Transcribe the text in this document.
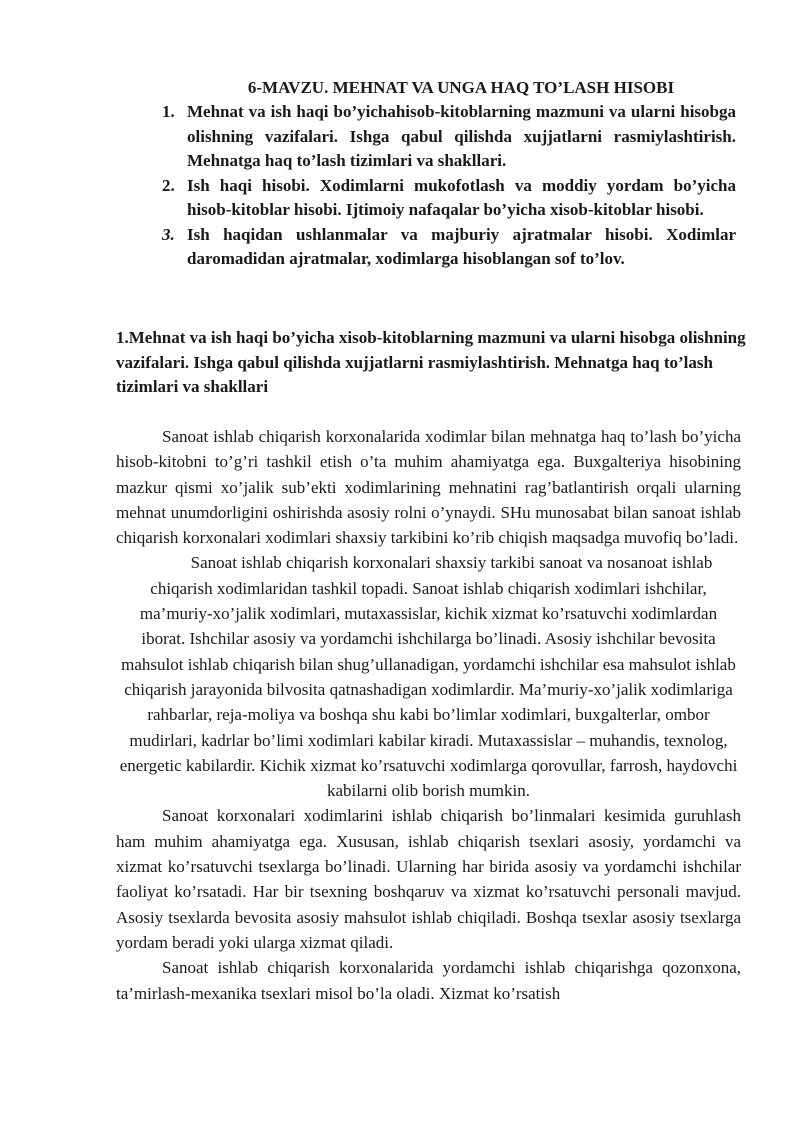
6-MAVZU. MEHNAT VA UNGA HAQ TO’LASH HISOBI
1. Mehnat va ish haqi bo’yichahisob-kitoblarning mazmuni va ularni hisobga olishning vazifalari. Ishga qabul qilishda xujjatlarni rasmiylashtirish. Mehnatga haq to’lash tizimlari va shakllari.
2. Ish haqi hisobi. Xodimlarni mukofotlash va moddiy yordam bo’yicha hisob-kitoblar hisobi. Ijtimoiy nafaqalar bo’yicha xisob-kitoblar hisobi.
3. Ish haqidan ushlanmalar va majburiy ajratmalar hisobi. Xodimlar daromadidan ajratmalar, xodimlarga hisoblangan sof to’lov.
1.Mehnat va ish haqi bo’yicha xisob-kitoblarning mazmuni va ularni hisobga olishning vazifalari. Ishga qabul qilishda xujjatlarni rasmiylashtirish. Mehnatga haq to’lash tizimlari va shakllari

Sanoat ishlab chiqarish korxonalarida xodimlar bilan mehnatga haq to’lash bo’yicha hisob-kitobni to’g’ri tashkil etish o’ta muhim ahamiyatga ega. Buxgalteriya hisobining mazkur qismi xo’jalik sub’ekti xodimlarining mehnatini rag’batlantirish orqali ularning mehnat unumdorligini oshirishda asosiy rolni o’ynaydi. SHu munosabat bilan sanoat ishlab chiqarish korxonalari xodimlari shaxsiy tarkibini ko’rib chiqish maqsadga muvofiq bo’ladi.

Sanoat ishlab chiqarish korxonalari shaxsiy tarkibi sanoat va nosanoat ishlab chiqarish xodimlaridan tashkil topadi. Sanoat ishlab chiqarish xodimlari ishchilar, ma’muriy-xo’jalik xodimlari, mutaxassislar, kichik xizmat ko’rsatuvchi xodimlardan iborat. Ishchilar asosiy va yordamchi ishchilarga bo’linadi. Asosiy ishchilar bevosita mahsulot ishlab chiqarish bilan shug’ullanadigan, yordamchi ishchilar esa mahsulot ishlab chiqarish jarayonida bilvosita qatnashadigan xodimlardir. Ma’muriy-xo’jalik xodimlariga rahbarlar, reja-moliya va boshqa shu kabi bo’limlar xodimlari, buxgalterlar, ombor mudirlari, kadrlar bo’limi xodimlari kabilar kiradi. Mutaxassislar – muhandis, texnolog, energetic kabilardir. Kichik xizmat ko’rsatuvchi xodimlarga qorovullar, farrosh, haydovchi kabilarni olib borish mumkin.

Sanoat korxonalari xodimlarini ishlab chiqarish bo’linmalari kesimida guruhlash ham muhim ahamiyatga ega. Xususan, ishlab chiqarish tsexlari asosiy, yordamchi va xizmat ko’rsatuvchi tsexlarga bo’linadi. Ularning har birida asosiy va yordamchi ishchilar faoliyat ko’rsatadi. Har bir tsexning boshqaruv va xizmat ko’rsatuvchi personali mavjud. Asosiy tsexlarda bevosita asosiy mahsulot ishlab chiqiladi. Boshqa tsexlar asosiy tsexlarga yordam beradi yoki ularga xizmat qiladi.

Sanoat ishlab chiqarish korxonalarida yordamchi ishlab chiqarishga qozonxona, ta’mirlash-mexanika tsexlari misol bo’la oladi. Xizmat ko’rsatish
